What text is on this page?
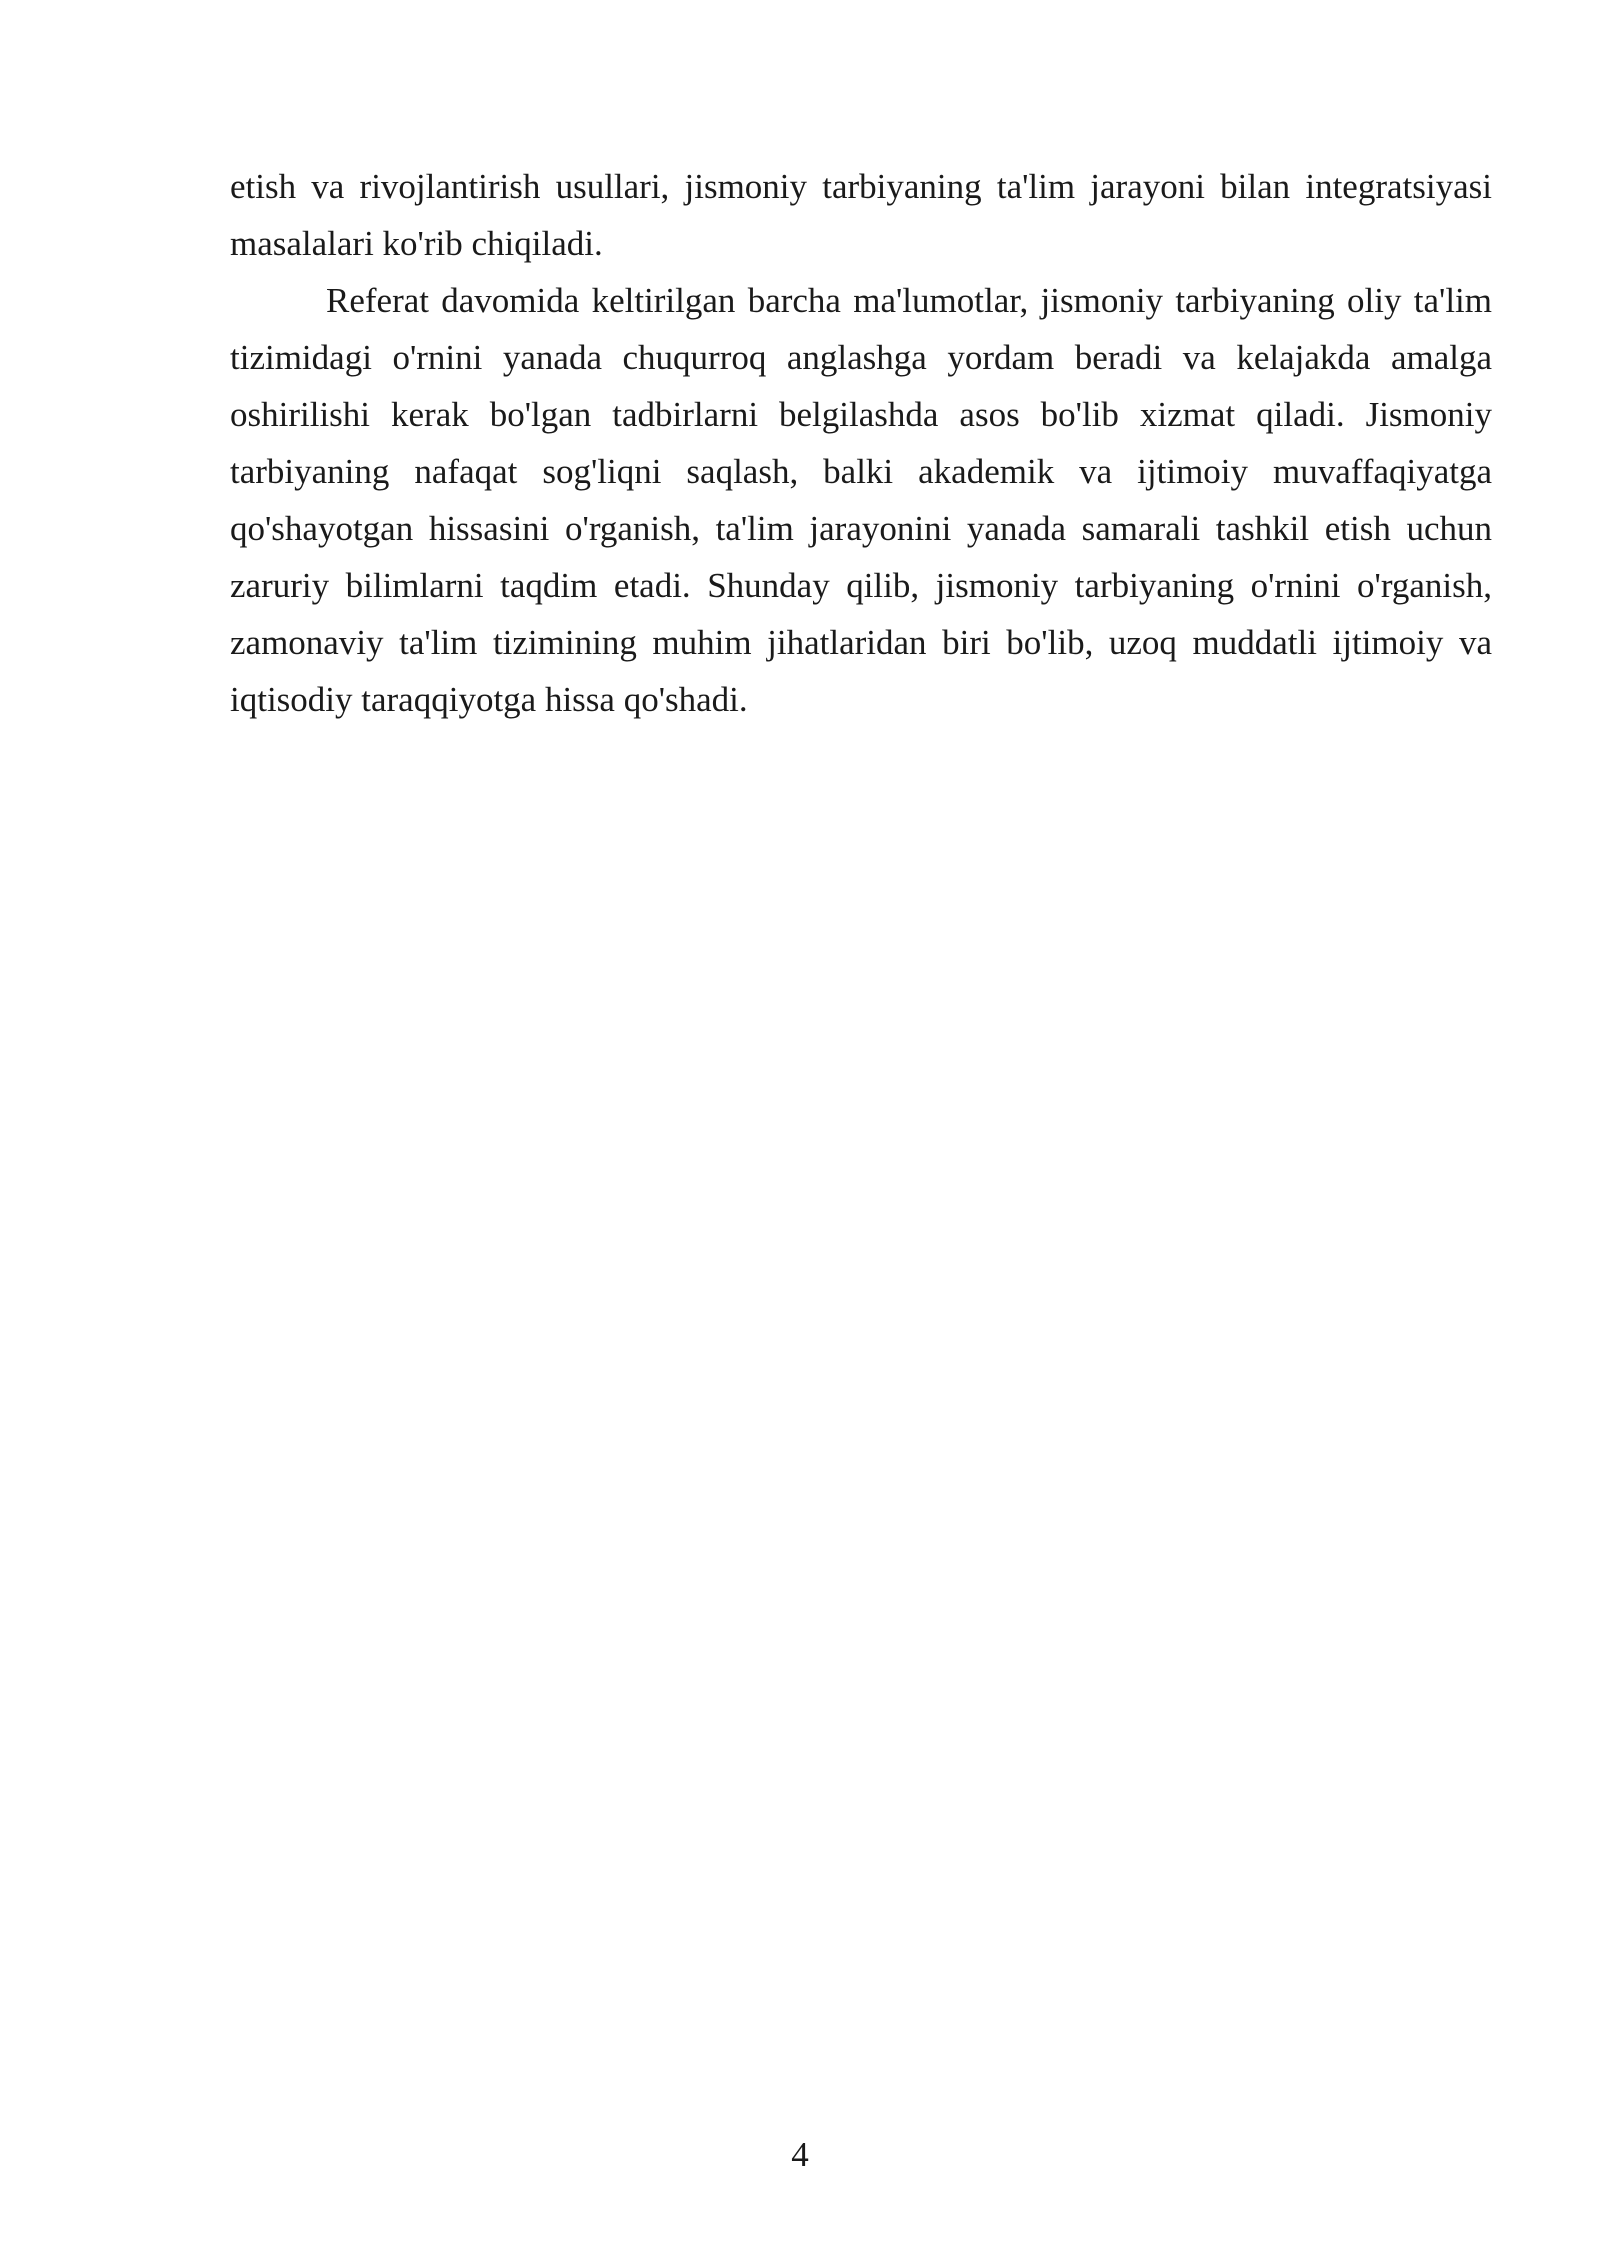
etish va rivojlantirish usullari, jismoniy tarbiyaning ta'lim jarayoni bilan integratsiyasi masalalari ko'rib chiqiladi.

Referat davomida keltirilgan barcha ma'lumotlar, jismoniy tarbiyaning oliy ta'lim tizimidagi o'rnini yanada chuqurroq anglashga yordam beradi va kelajakda amalga oshirilishi kerak bo'lgan tadbirlarni belgilashda asos bo'lib xizmat qiladi. Jismoniy tarbiyaning nafaqat sog'liqni saqlash, balki akademik va ijtimoiy muvaffaqiyatga qo'shayotgan hissasini o'rganish, ta'lim jarayonini yanada samarali tashkil etish uchun zaruriy bilimlarni taqdim etadi. Shunday qilib, jismoniy tarbiyaning o'rnini o'rganish, zamonaviy ta'lim tizimining muhim jihatlaridan biri bo'lib, uzoq muddatli ijtimoiy va iqtisodiy taraqqiyotga hissa qo'shadi.

4
